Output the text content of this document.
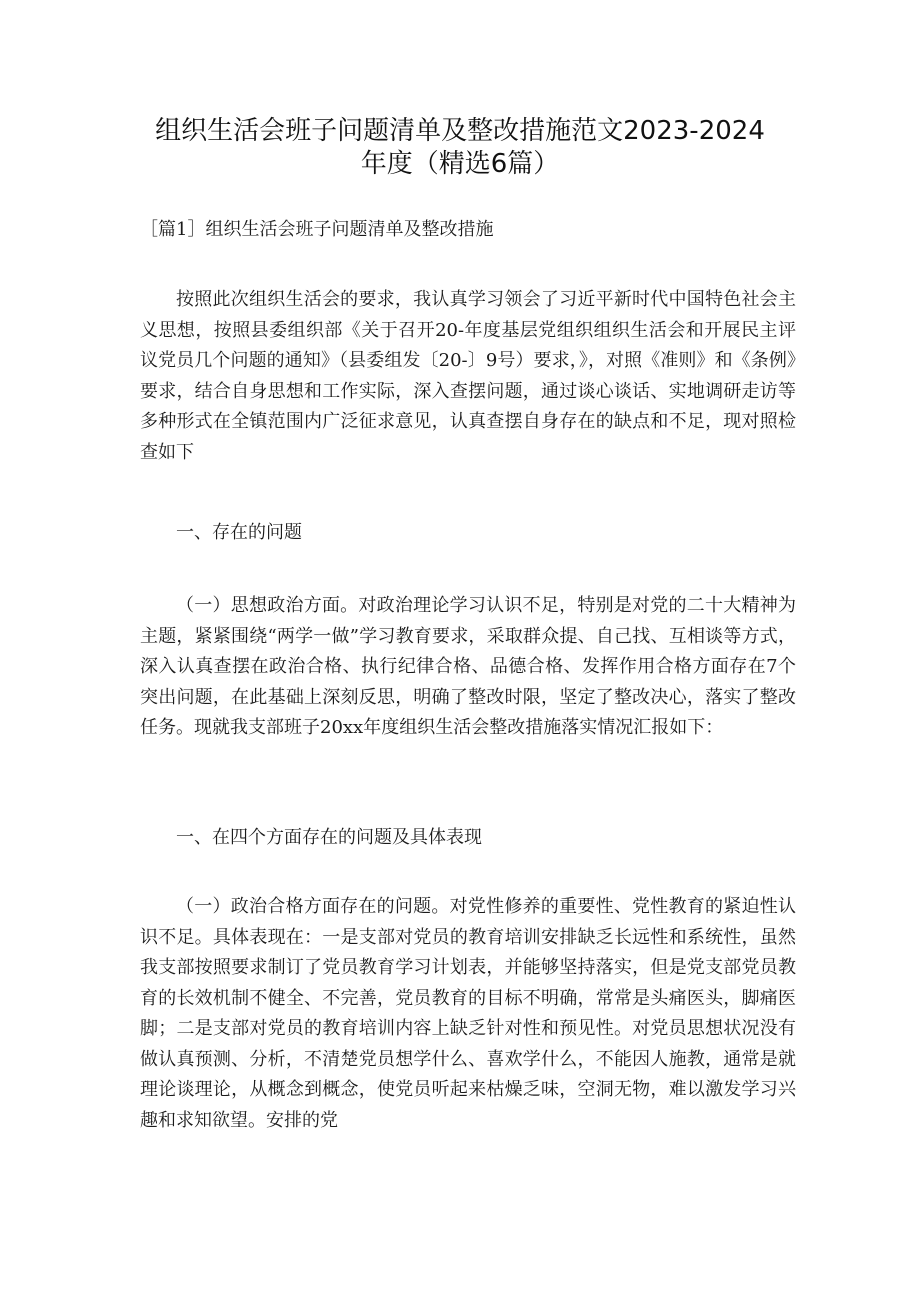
组织生活会班子问题清单及整改措施范文2023-2024
年度（精选6篇）

［篇1］组织生活会班子问题清单及整改措施

按照此次组织生活会的要求，我认真学习领会了习近平新时代中国特色社会主义思想，按照县委组织部《关于召开20-年度基层党组织组织生活会和开展民主评议党员几个问题的通知》（县委组发〔20-〕9号）要求，》，对照《准则》和《条例》要求，结合自身思想和工作实际，深入查摆问题，通过谈心谈话、实地调研走访等多种形式在全镇范围内广泛征求意见，认真查摆自身存在的缺点和不足，现对照检查如下

一、存在的问题

（一）思想政治方面。对政治理论学习认识不足，特别是对党的二十大精神为主题，紧紧围绕“两学一做”学习教育要求，采取群众提、自己找、互相谈等方式，深入认真查摆在政治合格、执行纪律合格、品德合格、发挥作用合格方面存在7个突出问题，在此基础上深刻反思，明确了整改时限，坚定了整改决心，落实了整改任务。现就我支部班子20xx年度组织生活会整改措施落实情况汇报如下：

一、在四个方面存在的问题及具体表现

（一）政治合格方面存在的问题。对党性修养的重要性、党性教育的紧迫性认识不足。具体表现在：一是支部对党员的教育培训安排缺乏长远性和系统性，虽然我支部按照要求制订了党员教育学习计划表，并能够坚持落实，但是党支部党员教育的长效机制不健全、不完善，党员教育的目标不明确，常常是头痛医头，脚痛医脚；二是支部对党员的教育培训内容上缺乏针对性和预见性。对党员思想状况没有做认真预测、分析，不清楚党员想学什么、喜欢学什么，不能因人施教，通常是就理论谈理论，从概念到概念，使党员听起来枯燥乏味，空洞无物，难以激发学习兴趣和求知欲望。安排的党
